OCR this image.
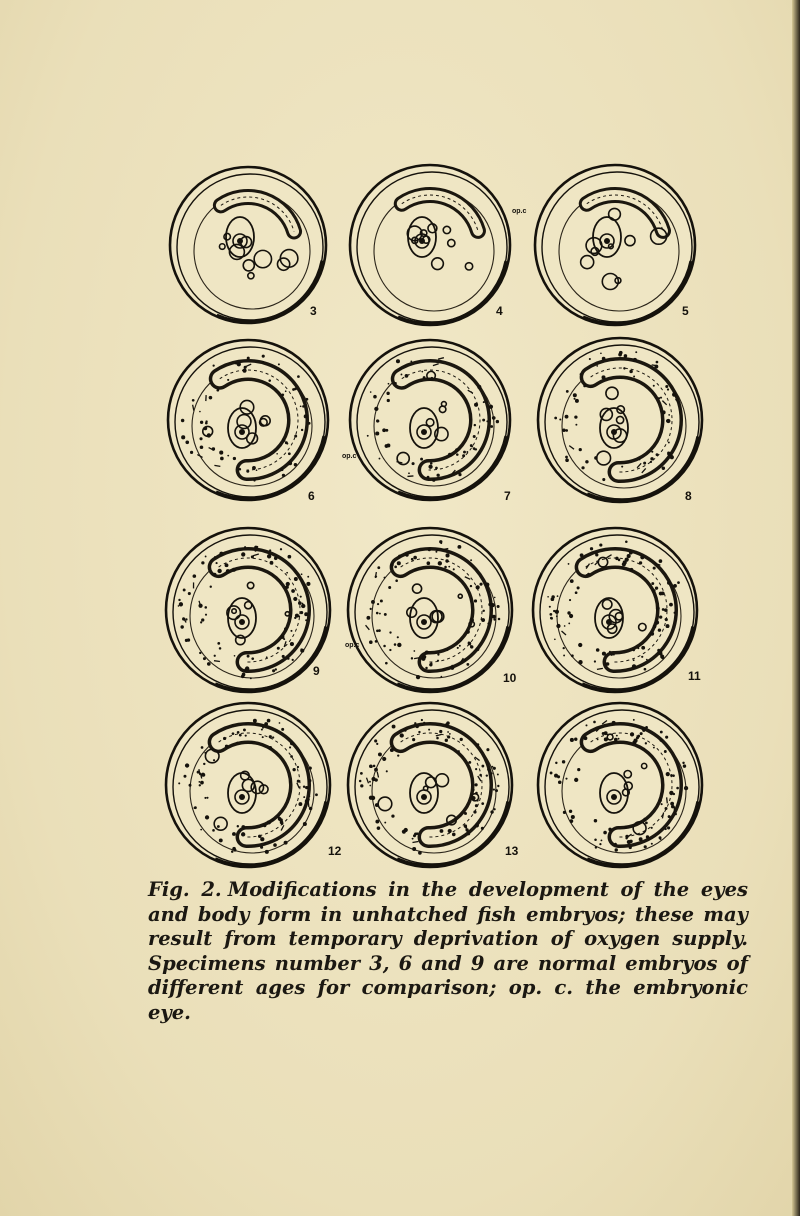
3	4	5
6	7	8
9	10	11
12	13
op.c
op.c
op.c
Fig. 2. Modifications in the development of the eyes and body form in unhatched fish embryos; these may result from temporary deprivation of oxygen supply. Specimens number 3, 6 and 9 are normal embryos of different ages for comparison; op. c. the embryonic eye.
